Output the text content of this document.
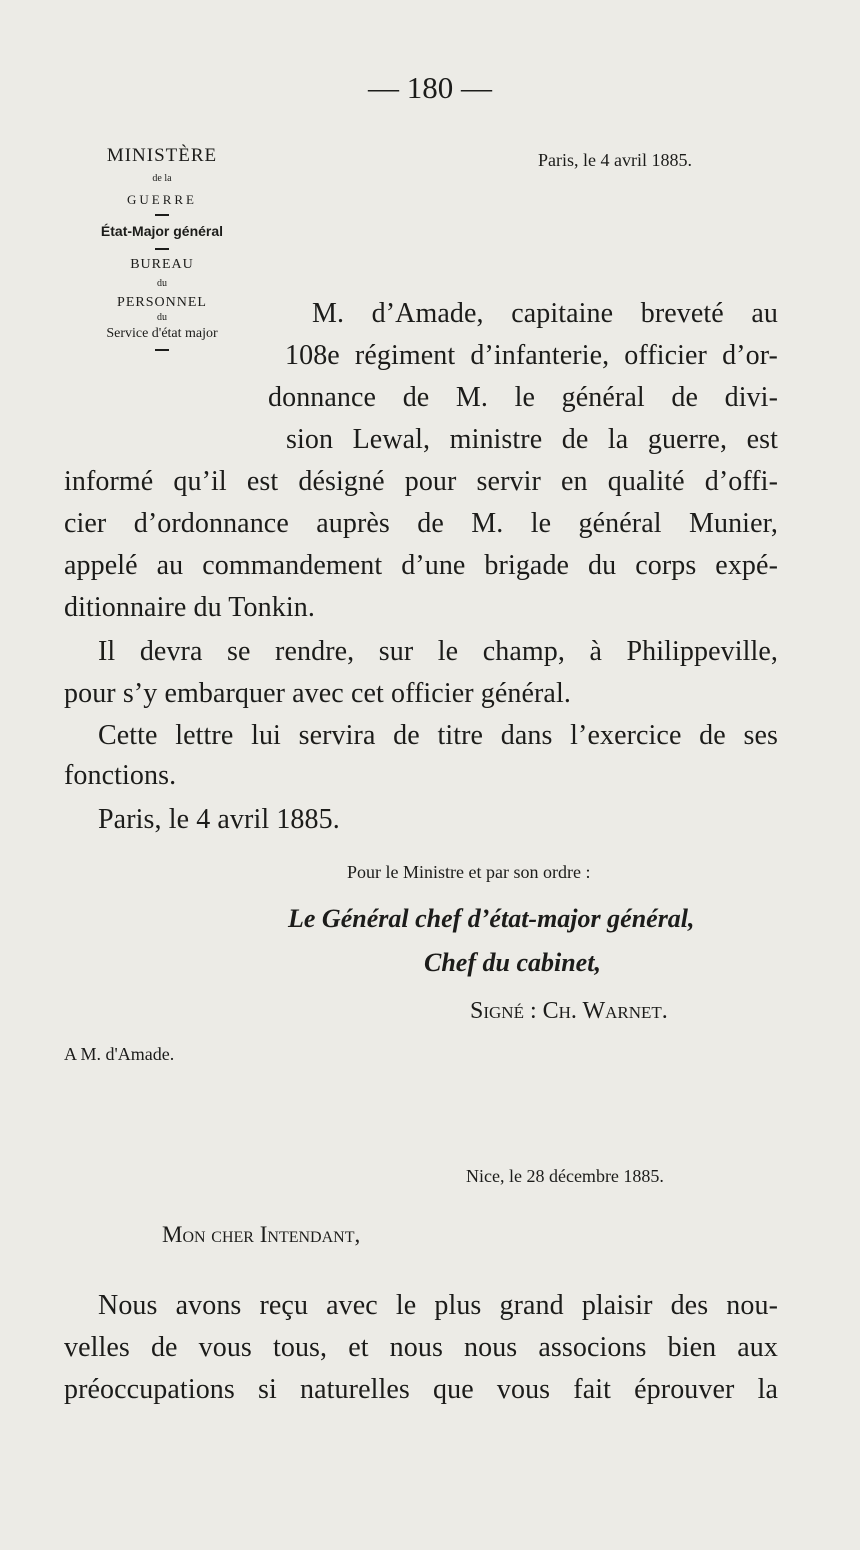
— 180 —
MINISTÈRE
de la
GUERRE
État-Major général
BUREAU
du
PERSONNEL
du
Service d'état major
Paris, le 4 avril 1885.
M. d’Amade, capitaine breveté au
108e régiment d’infanterie, officier d’or-
donnance de M. le général de divi-
sion Lewal, ministre de la guerre, est
informé qu’il est désigné pour servir en qualité d’offi-
cier d’ordonnance auprès de M. le général Munier,
appelé au commandement d’une brigade du corps expé-
ditionnaire du Tonkin.
Il devra se rendre, sur le champ, à Philippeville,
pour s’y embarquer avec cet officier général.
Cette lettre lui servira de titre dans l’exercice de ses
fonctions.
Paris, le 4 avril 1885.
Pour le Ministre et par son ordre :
Le Général chef d’état-major général,
Chef du cabinet,
Signé : Ch. Warnet.
A M. d'Amade.
Nice, le 28 décembre 1885.
Mon cher Intendant,
Nous avons reçu avec le plus grand plaisir des nou-
velles de vous tous, et nous nous associons bien aux
préoccupations si naturelles que vous fait éprouver la
